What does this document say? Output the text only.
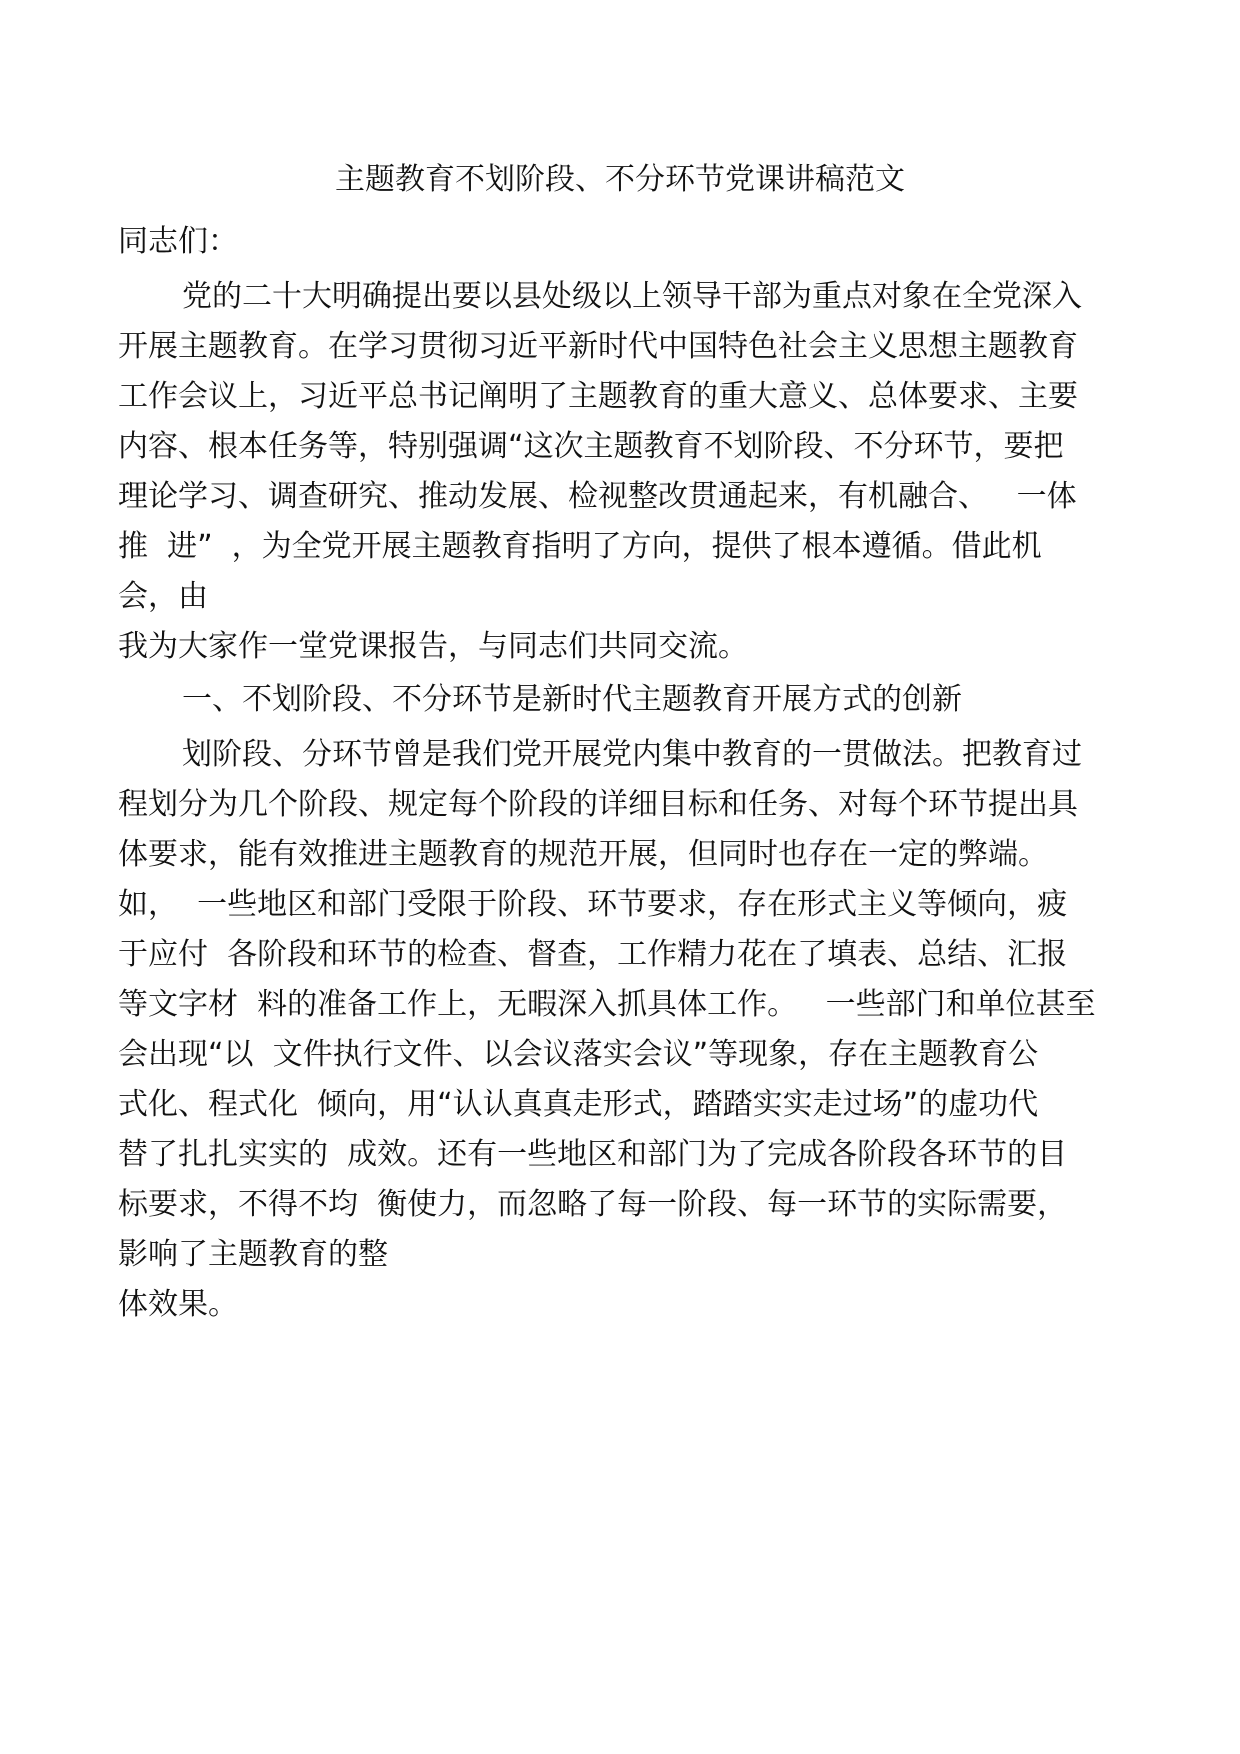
主题教育不划阶段、不分环节党课讲稿范文
同志们：
党的二十大明确提出要以县处级以上领导干部为重点对象在全党深入
开展主题教育。在学习贯彻习近平新时代中国特色社会主义思想主题教育
工作会议上，习近平总书记阐明了主题教育的重大意义、总体要求、主要
内容、根本任务等，特别强调“这次主题教育不划阶段、不分环节，要把
理论学习、调查研究、推动发展、检视整改贯通起来，有机融合、   一体
推  进”  ，为全党开展主题教育指明了方向，提供了根本遵循。借此机
会，由
我为大家作一堂党课报告，与同志们共同交流。
一、不划阶段、不分环节是新时代主题教育开展方式的创新
划阶段、分环节曾是我们党开展党内集中教育的一贯做法。把教育过
程划分为几个阶段、规定每个阶段的详细目标和任务、对每个环节提出具
体要求，能有效推进主题教育的规范开展，但同时也存在一定的弊端。
如，  一些地区和部门受限于阶段、环节要求，存在形式主义等倾向，疲
于应付  各阶段和环节的检查、督查，工作精力花在了填表、总结、汇报
等文字材  料的准备工作上，无暇深入抓具体工作。   一些部门和单位甚至
会出现“以  文件执行文件、以会议落实会议”等现象，存在主题教育公
式化、程式化  倾向，用“认认真真走形式，踏踏实实走过场”的虚功代
替了扎扎实实的  成效。还有一些地区和部门为了完成各阶段各环节的目
标要求，不得不均  衡使力，而忽略了每一阶段、每一环节的实际需要，
影响了主题教育的整
体效果。
